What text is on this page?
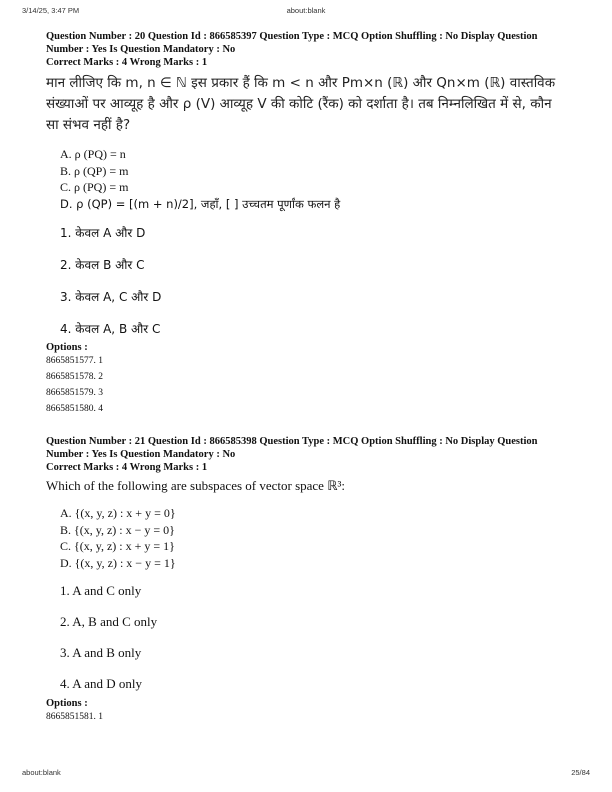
3/14/25, 3:47 PM	about:blank
Question Number : 20 Question Id : 866585397 Question Type : MCQ Option Shuffling : No Display Question
Number : Yes Is Question Mandatory : No
Correct Marks : 4 Wrong Marks : 1
मान लीजिए कि m, n ∈ ℕ इस प्रकार हैं कि m < n और Pm×n (ℝ) और Qn×m (ℝ) वास्तविक
संख्याओं पर आव्यूह है और ρ (V) आव्यूह V की कोटि (रैंक) को दर्शाता है। तब निम्नलिखित में से, कौन
सा संभव नहीं है?
A. ρ (PQ) = n
B. ρ (QP) = m
C. ρ (PQ) = m
D. ρ (QP) = [(m + n)/2], जहाँ, [ ] उच्चतम पूर्णांक फलन है
1. केवल A और D
2. केवल B और C
3. केवल A, C और D
4. केवल A, B और C
Options :
8665851577. 1
8665851578. 2
8665851579. 3
8665851580. 4
Question Number : 21 Question Id : 866585398 Question Type : MCQ Option Shuffling : No Display Question
Number : Yes Is Question Mandatory : No
Correct Marks : 4 Wrong Marks : 1
Which of the following are subspaces of vector space ℝ³:
A. {(x, y, z) : x + y = 0}
B. {(x, y, z) : x − y = 0}
C. {(x, y, z) : x + y = 1}
D. {(x, y, z) : x − y = 1}
1. A and C only
2. A, B and C only
3. A and B only
4. A and D only
Options :
8665851581. 1
about:blank	25/84
